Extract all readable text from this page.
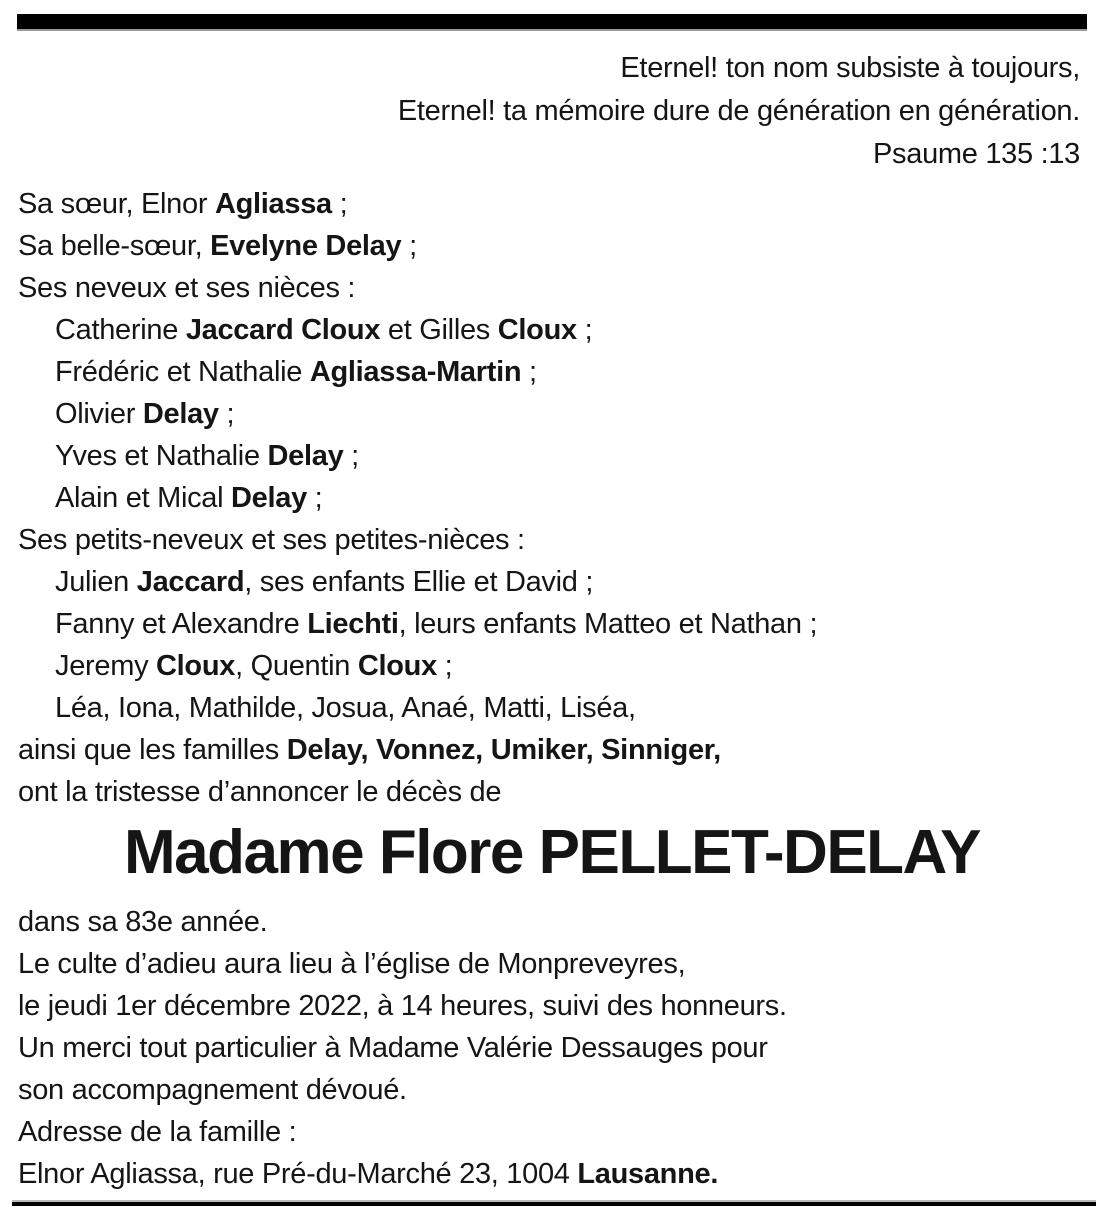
Eternel! ton nom subsiste à toujours,
Eternel! ta mémoire dure de génération en génération.
Psaume 135 :13
Sa sœur, Elnor Agliassa ;
Sa belle-sœur, Evelyne Delay ;
Ses neveux et ses nièces :
Catherine Jaccard Cloux et Gilles Cloux ;
Frédéric et Nathalie Agliassa-Martin ;
Olivier Delay ;
Yves et Nathalie Delay ;
Alain et Mical Delay ;
Ses petits-neveux et ses petites-nièces :
Julien Jaccard, ses enfants Ellie et David ;
Fanny et Alexandre Liechti, leurs enfants Matteo et Nathan ;
Jeremy Cloux, Quentin Cloux ;
Léa, Iona, Mathilde, Josua, Anaé, Matti, Liséa,
ainsi que les familles Delay, Vonnez, Umiker, Sinniger,
ont la tristesse d’annoncer le décès de
Madame Flore PELLET-DELAY
dans sa 83e année.
Le culte d’adieu aura lieu à l’église de Monpreveyres,
le jeudi 1er décembre 2022, à 14 heures, suivi des honneurs.
Un merci tout particulier à Madame Valérie Dessauges pour
son accompagnement dévoué.
Adresse de la famille :
Elnor Agliassa, rue Pré-du-Marché 23, 1004 Lausanne.
